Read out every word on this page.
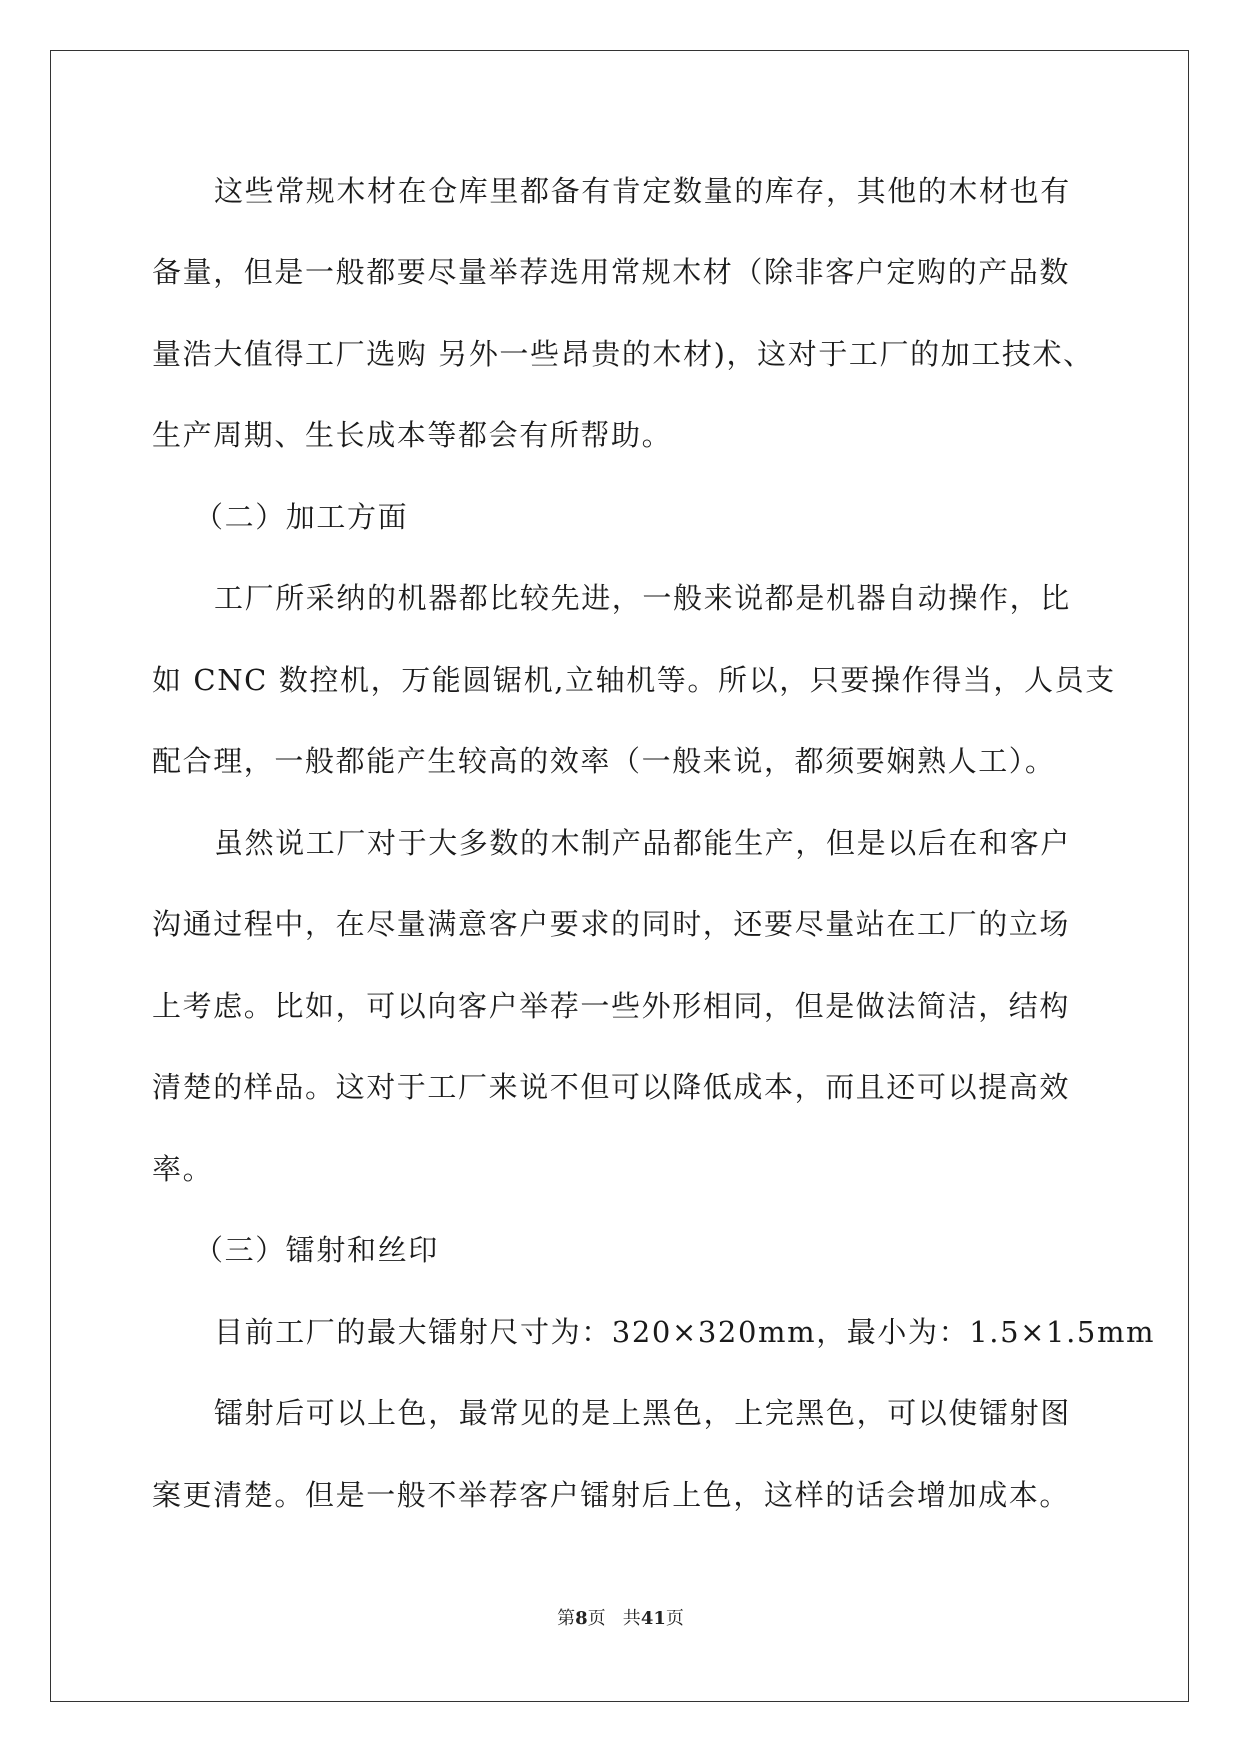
这些常规木材在仓库里都备有肯定数量的库存，其他的木材也有
备量，但是一般都要尽量举荐选用常规木材（除非客户定购的产品数
量浩大值得工厂选购 另外一些昂贵的木材)，这对于工厂的加工技术、
生产周期、生长成本等都会有所帮助。
（二）加工方面
工厂所采纳的机器都比较先进，一般来说都是机器自动操作，比
如 CNC 数控机，万能圆锯机,立轴机等。所以，只要操作得当，人员支
配合理，一般都能产生较高的效率（一般来说，都须要娴熟人工）。
虽然说工厂对于大多数的木制产品都能生产，但是以后在和客户
沟通过程中，在尽量满意客户要求的同时，还要尽量站在工厂的立场
上考虑。比如，可以向客户举荐一些外形相同，但是做法简洁，结构
清楚的样品。这对于工厂来说不但可以降低成本，而且还可以提高效
率。
（三）镭射和丝印
目前工厂的最大镭射尺寸为：320×320mm，最小为：1.5×1.5mm
镭射后可以上色，最常见的是上黑色，上完黑色，可以使镭射图
案更清楚。但是一般不举荐客户镭射后上色，这样的话会增加成本。
第8页   共41页
